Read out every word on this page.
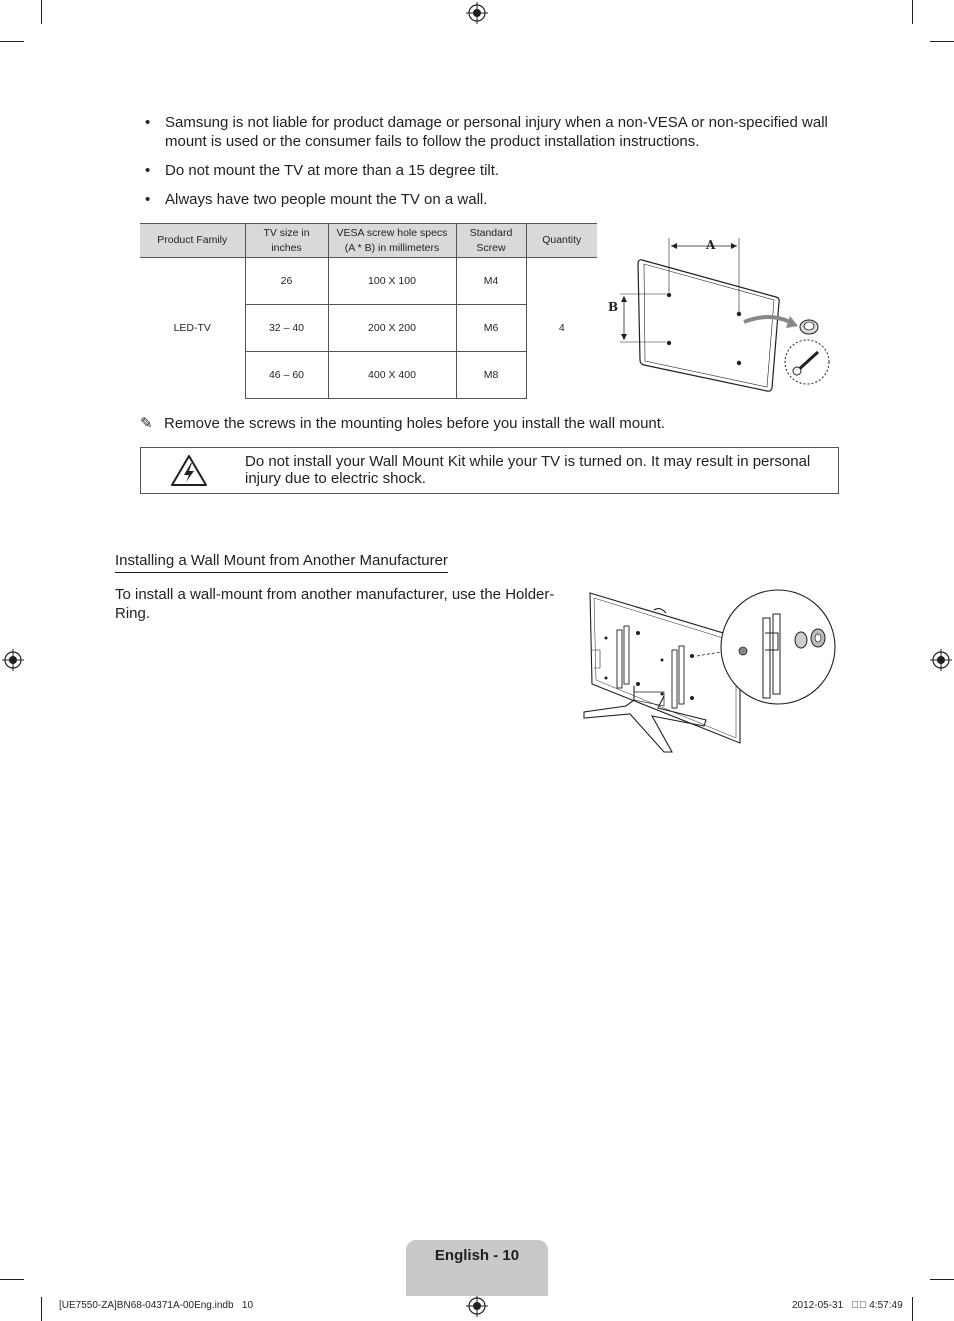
• Samsung is not liable for product damage or personal injury when a non-VESA or non-specified wall mount is used or the consumer fails to follow the product installation instructions.
• Do not mount the TV at more than a 15 degree tilt.
• Always have two people mount the TV on a wall.
Product Family	TV size in inches	VESA screw hole specs (A * B) in millimeters	Standard Screw	Quantity
LED-TV	26	100 X 100	M4	4
	32 – 40	200 X 200	M6	
	46 – 60	400 X 400	M8	
A
B
✎ Remove the screws in the mounting holes before you install the wall mount.
Do not install your Wall Mount Kit while your TV is turned on. It may result in personal injury due to electric shock.
Installing a Wall Mount from Another Manufacturer
To install a wall-mount from another manufacturer, use the Holder-Ring.
English - 10
[UE7550-ZA]BN68-04371A-00Eng.indb   10	2012-05-31   ￿￿ 4:57:49
